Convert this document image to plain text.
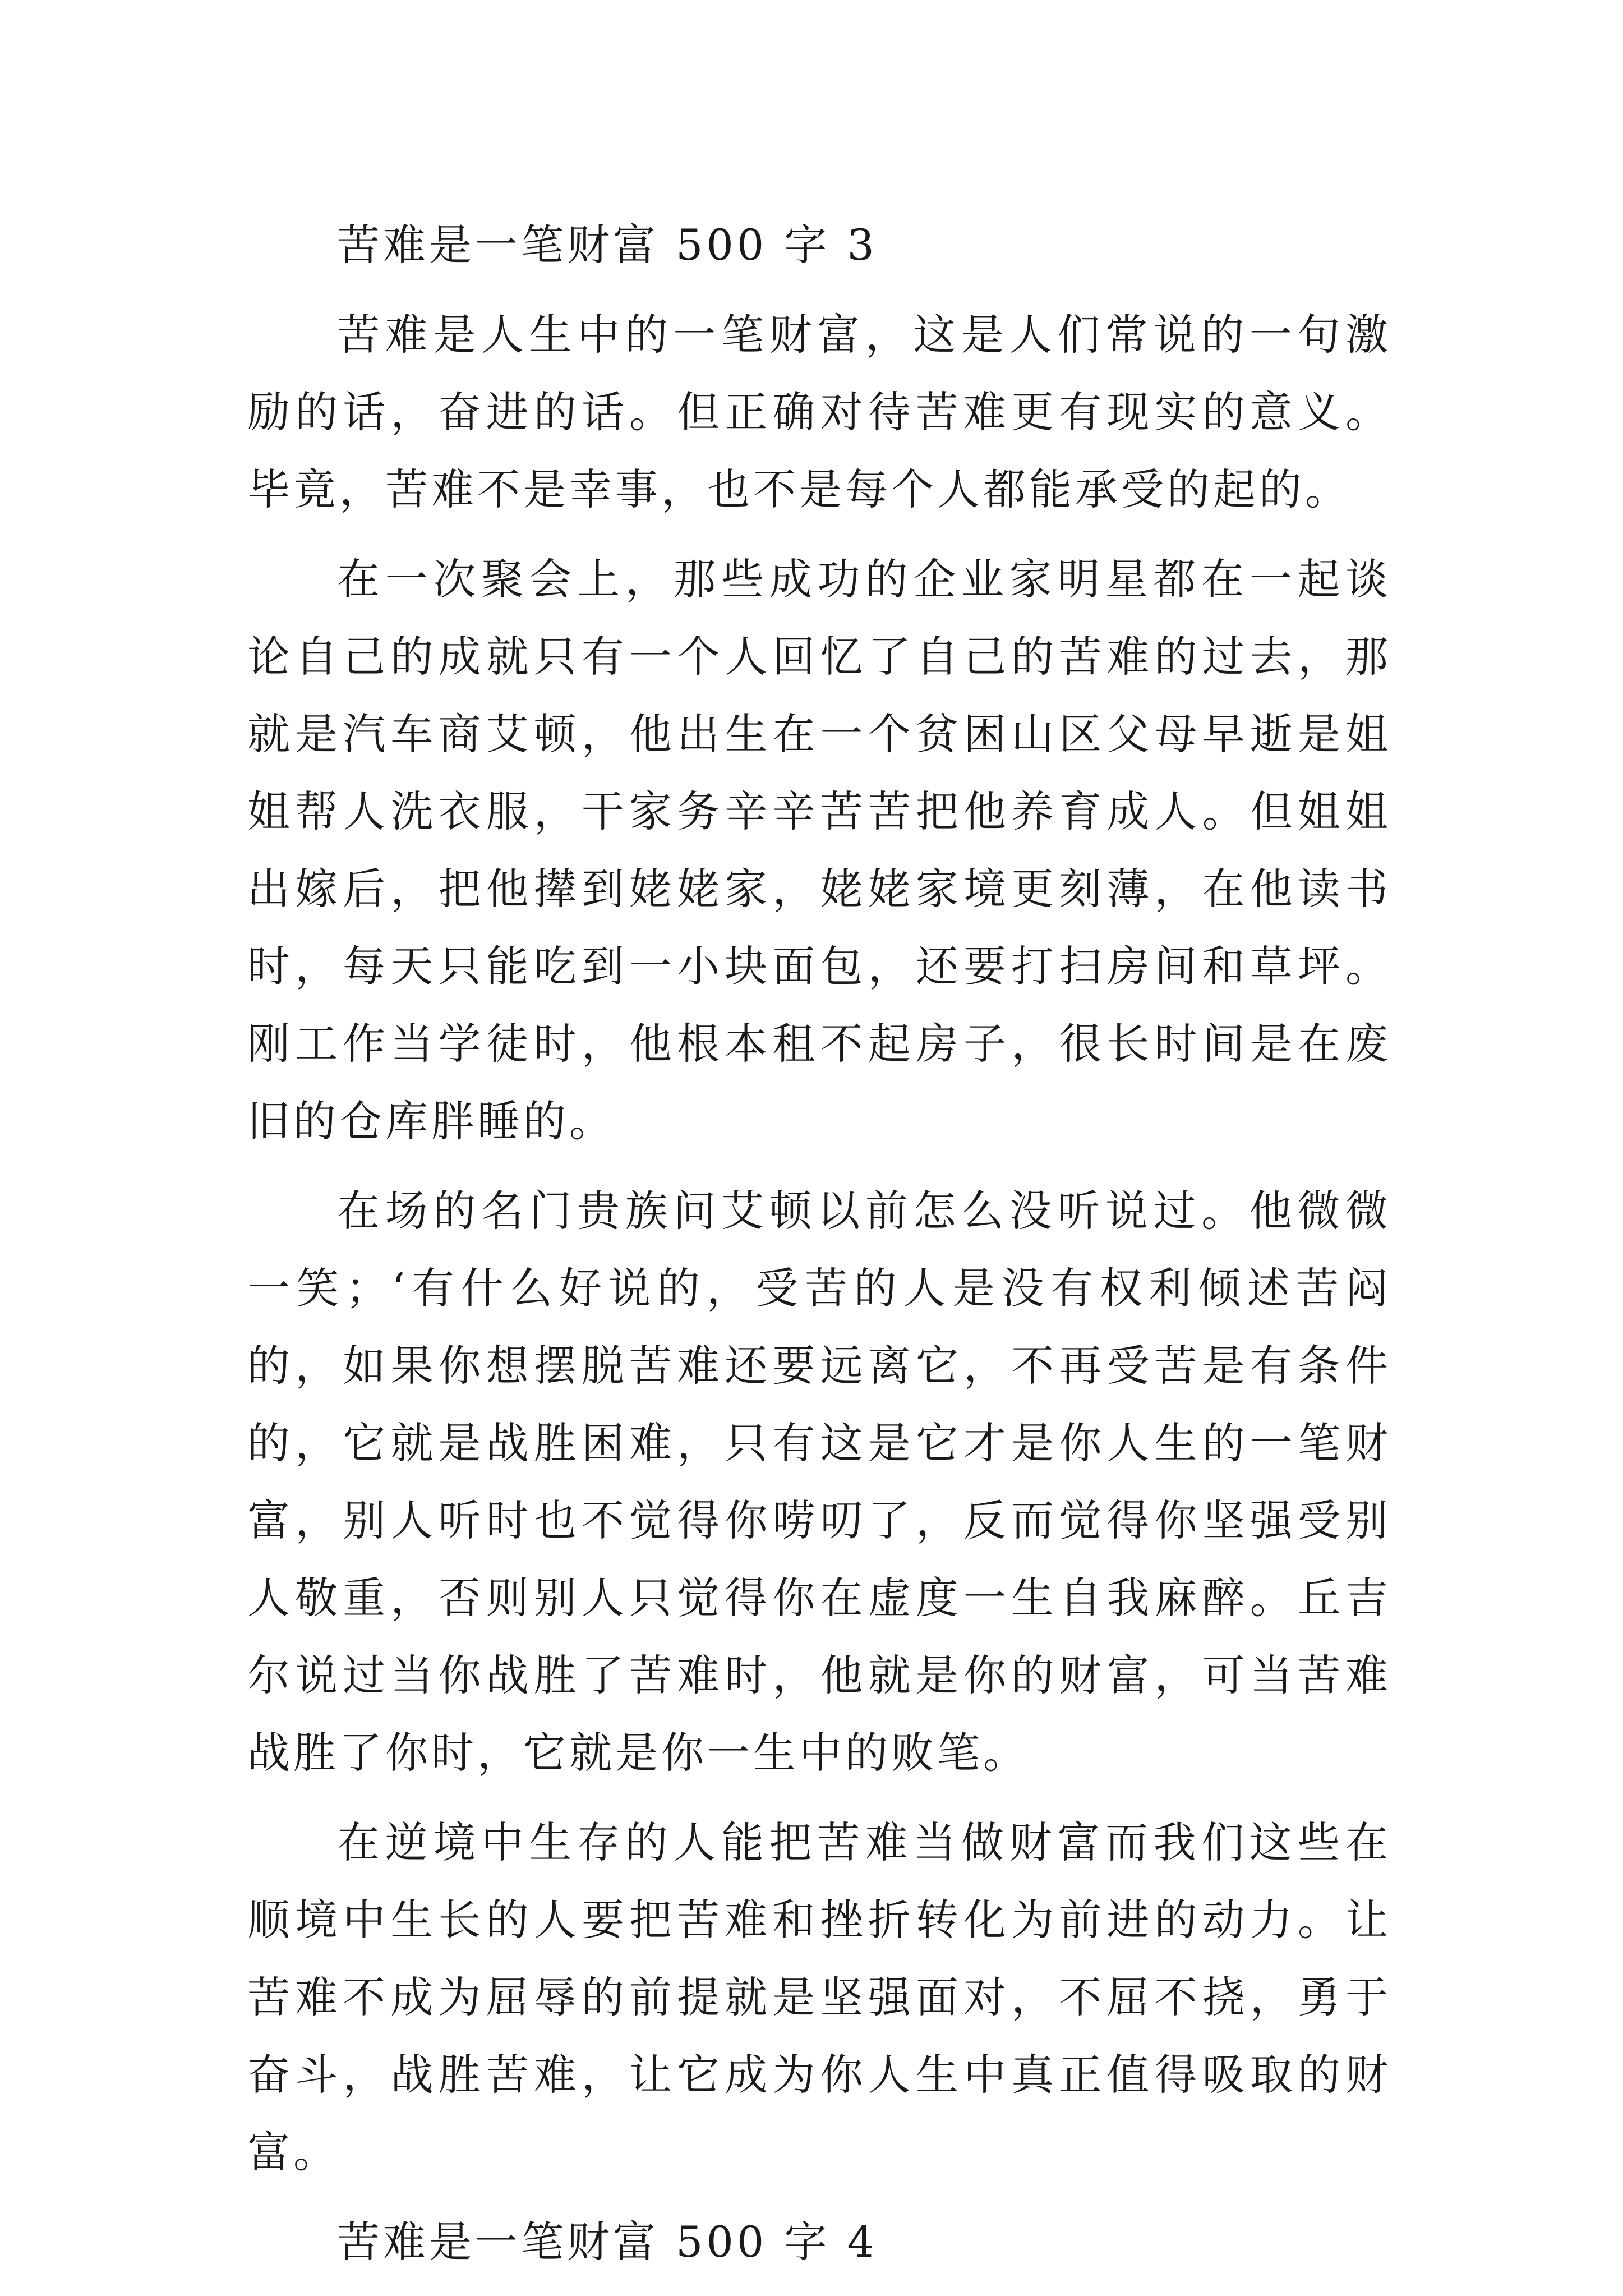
苦难是一笔财富 500 字 3

苦难是人生中的一笔财富，这是人们常说的一句激励的话，奋进的话。但正确对待苦难更有现实的意义。毕竟，苦难不是幸事，也不是每个人都能承受的起的。

在一次聚会上，那些成功的企业家明星都在一起谈论自己的成就只有一个人回忆了自己的苦难的过去，那就是汽车商艾顿，他出生在一个贫困山区父母早逝是姐姐帮人洗衣服，干家务辛辛苦苦把他养育成人。但姐姐出嫁后，把他撵到姥姥家，姥姥家境更刻薄，在他读书时，每天只能吃到一小块面包，还要打扫房间和草坪。刚工作当学徒时，他根本租不起房子，很长时间是在废旧的仓库胖睡的。

在场的名门贵族问艾顿以前怎么没听说过。他微微一笑；‘有什么好说的，受苦的人是没有权利倾述苦闷的，如果你想摆脱苦难还要远离它，不再受苦是有条件的，它就是战胜困难，只有这是它才是你人生的一笔财富，别人听时也不觉得你唠叨了，反而觉得你坚强受别人敬重，否则别人只觉得你在虚度一生自我麻醉。丘吉尔说过当你战胜了苦难时，他就是你的财富，可当苦难战胜了你时，它就是你一生中的败笔。

在逆境中生存的人能把苦难当做财富而我们这些在顺境中生长的人要把苦难和挫折转化为前进的动力。让苦难不成为屈辱的前提就是坚强面对，不屈不挠，勇于奋斗，战胜苦难，让它成为你人生中真正值得吸取的财富。

苦难是一笔财富 500 字 4
